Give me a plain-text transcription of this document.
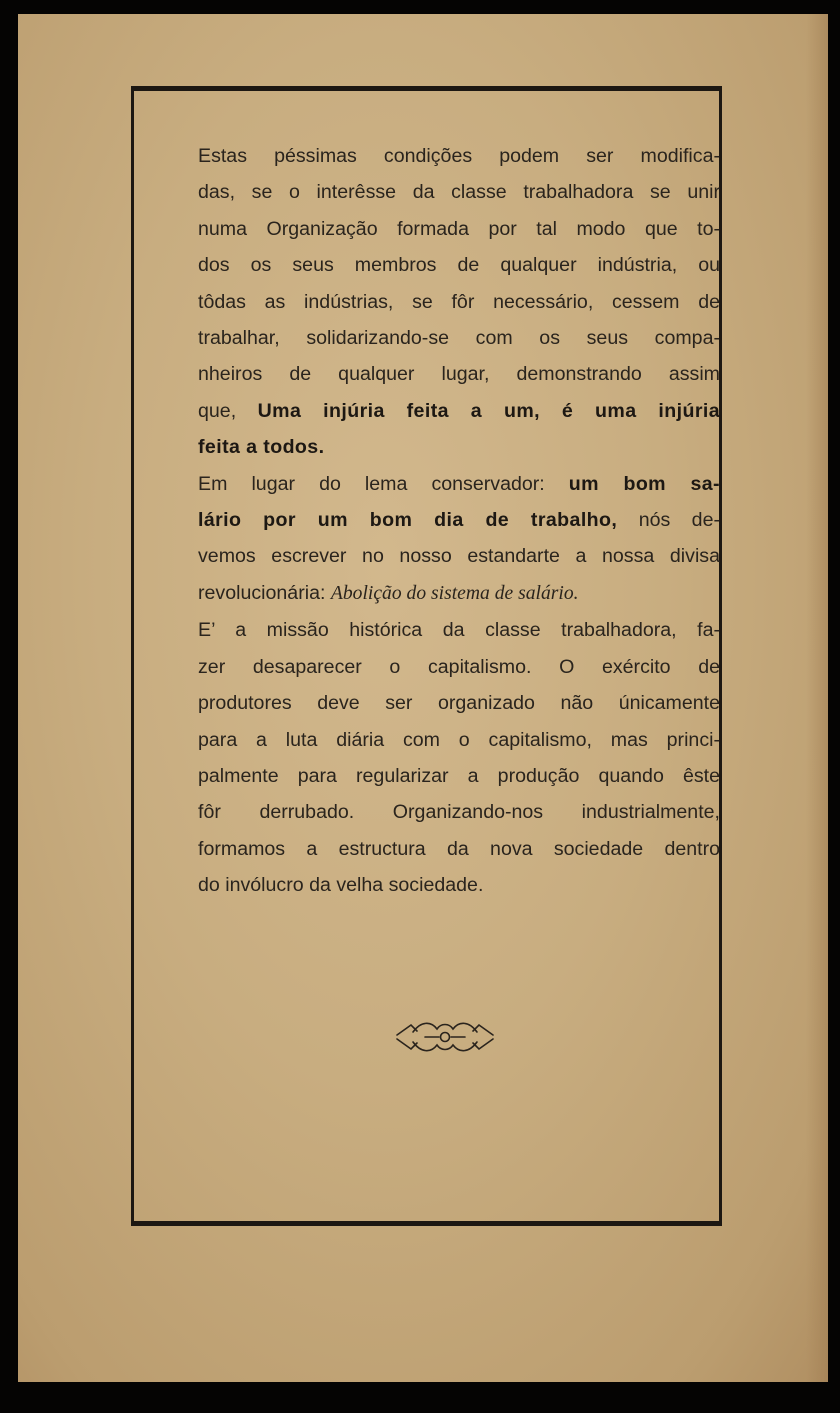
Estas péssimas condições podem ser modifica-
das, se o interêsse da classe trabalhadora se unir
numa Organização formada por tal modo que to-
dos os seus membros de qualquer indústria, ou
tôdas as indústrias, se fôr necessário, cessem de
trabalhar, solidarizando-se com os seus compa-
nheiros de qualquer lugar, demonstrando assim
que, Uma injúria feita a um, é uma injúria
feita a todos.

Em lugar do lema conservador: um bom sa-
lário por um bom dia de trabalho, nós de-
vemos escrever no nosso estandarte a nossa divisa
revolucionária: Abolição do sistema de salário.

E’ a missão histórica da classe trabalhadora, fa-
zer desaparecer o capitalismo. O exército de
produtores deve ser organizado não únicamente
para a luta diária com o capitalismo, mas princi-
palmente para regularizar a produção quando êste
fôr derrubado. Organizando-nos industrialmente,
formamos a estructura da nova sociedade dentro
do invólucro da velha sociedade.
